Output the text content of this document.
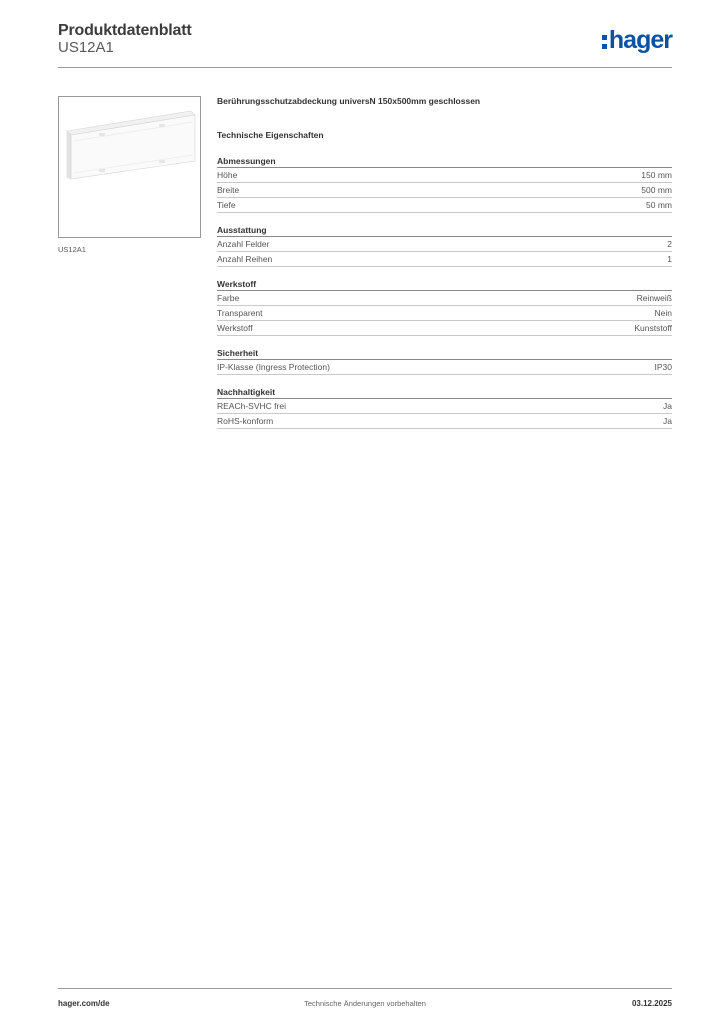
Produktdatenblatt
US12A1	hager
US12A1
Berührungsschutzabdeckung universN 150x500mm geschlossen
Technische Eigenschaften
Abmessungen
Höhe	150 mm
Breite	500 mm
Tiefe	50 mm
Ausstattung
Anzahl Felder	2
Anzahl Reihen	1
Werkstoff
Farbe	Reinweiß
Transparent	Nein
Werkstoff	Kunststoff
Sicherheit
IP-Klasse (Ingress Protection)	IP30
Nachhaltigkeit
REACh-SVHC frei	Ja
RoHS-konform	Ja
hager.com/de	Technische Änderungen vorbehalten	03.12.2025
